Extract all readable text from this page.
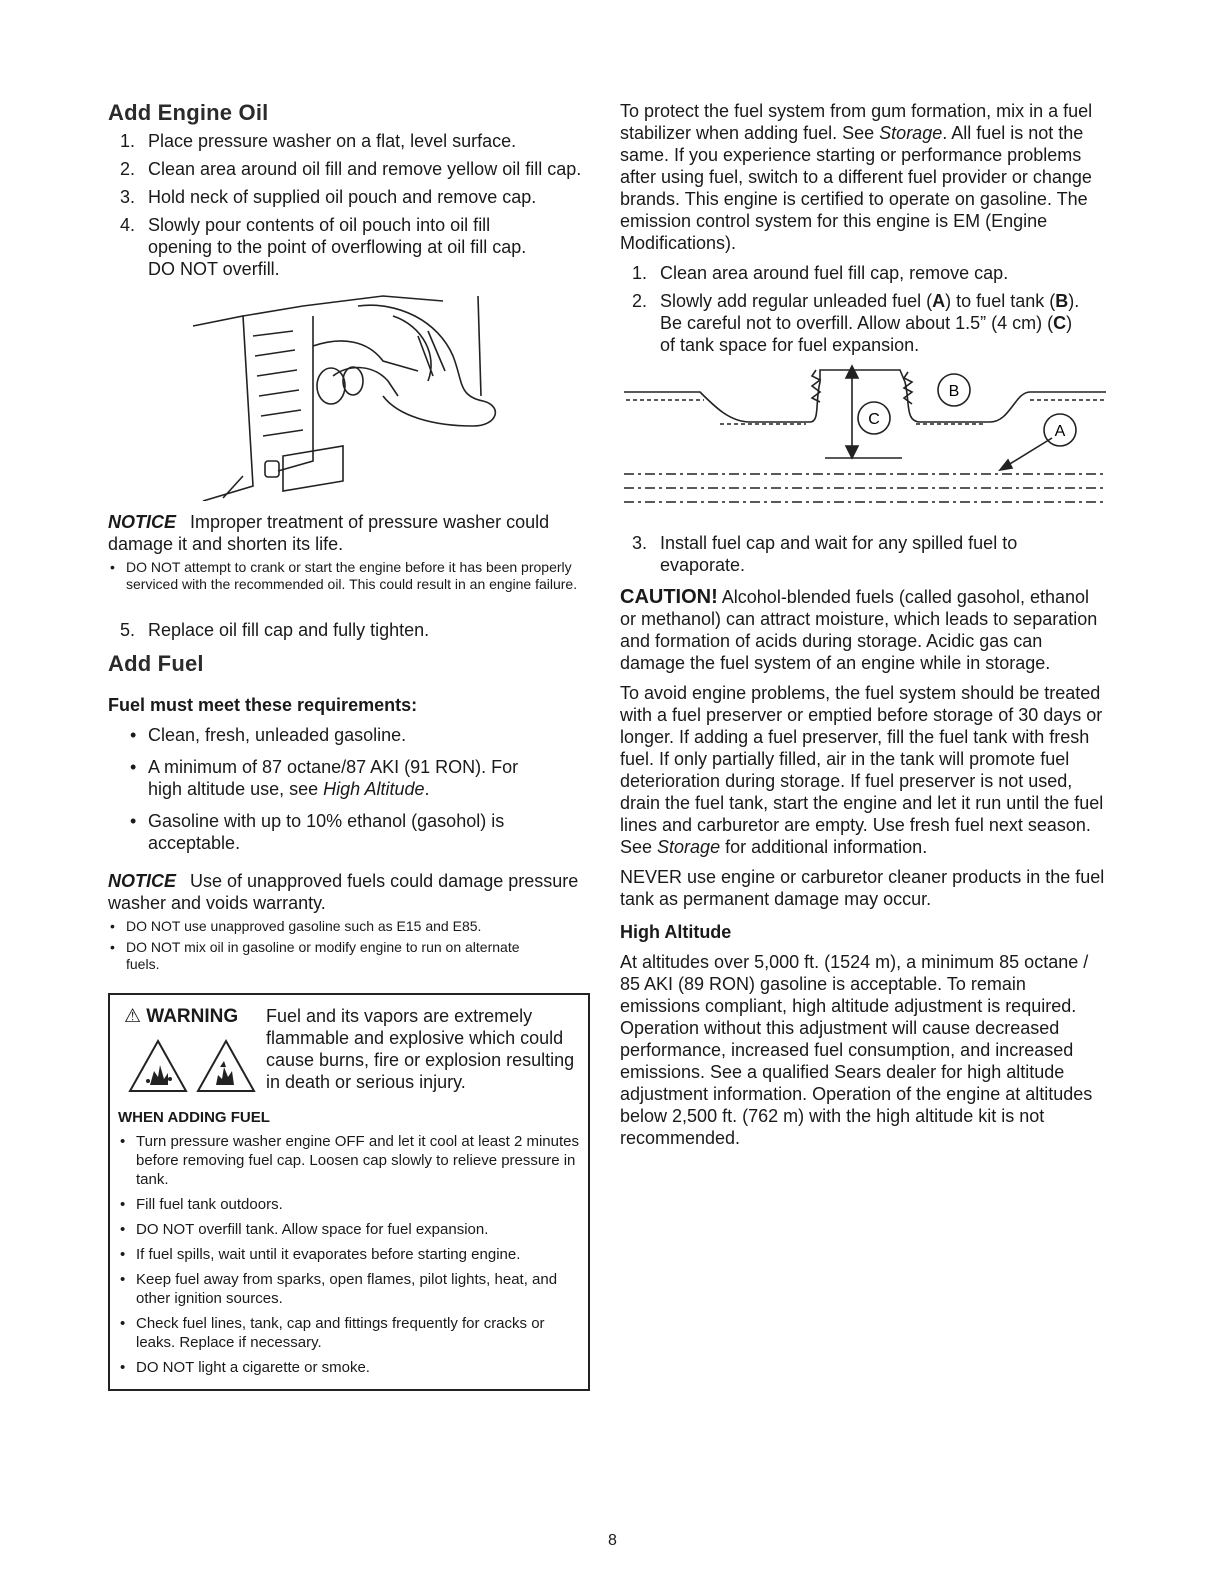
Add Engine Oil
1. Place pressure washer on a flat, level surface.
2. Clean area around oil fill and remove yellow oil fill cap.
3. Hold neck of supplied oil pouch and remove cap.
4. Slowly pour contents of oil pouch into oil fill opening to the point of overflowing at oil fill cap. DO NOT overfill.
NOTICE Improper treatment of pressure washer could damage it and shorten its life.
• DO NOT attempt to crank or start the engine before it has been properly serviced with the recommended oil. This could result in an engine failure.
5. Replace oil fill cap and fully tighten.
Add Fuel
Fuel must meet these requirements:
• Clean, fresh, unleaded gasoline.
• A minimum of 87 octane/87 AKI (91 RON). For high altitude use, see High Altitude.
• Gasoline with up to 10% ethanol (gasohol) is acceptable.
NOTICE Use of unapproved fuels could damage pressure washer and voids warranty.
• DO NOT use unapproved gasoline such as E15 and E85.
• DO NOT mix oil in gasoline or modify engine to run on alternate fuels.
⚠ WARNING Fuel and its vapors are extremely flammable and explosive which could cause burns, fire or explosion resulting in death or serious injury.
WHEN ADDING FUEL
• Turn pressure washer engine OFF and let it cool at least 2 minutes before removing fuel cap. Loosen cap slowly to relieve pressure in tank.
• Fill fuel tank outdoors.
• DO NOT overfill tank. Allow space for fuel expansion.
• If fuel spills, wait until it evaporates before starting engine.
• Keep fuel away from sparks, open flames, pilot lights, heat, and other ignition sources.
• Check fuel lines, tank, cap and fittings frequently for cracks or leaks. Replace if necessary.
• DO NOT light a cigarette or smoke.

To protect the fuel system from gum formation, mix in a fuel stabilizer when adding fuel. See Storage. All fuel is not the same. If you experience starting or performance problems after using fuel, switch to a different fuel provider or change brands. This engine is certified to operate on gasoline. The emission control system for this engine is EM (Engine Modifications).

1. Clean area around fuel fill cap, remove cap.
2. Slowly add regular unleaded fuel (A) to fuel tank (B). Be careful not to overfill. Allow about 1.5” (4 cm) (C) of tank space for fuel expansion.
C
B
A
3. Install fuel cap and wait for any spilled fuel to evaporate.

CAUTION! Alcohol-blended fuels (called gasohol, ethanol or methanol) can attract moisture, which leads to separation and formation of acids during storage. Acidic gas can damage the fuel system of an engine while in storage.

To avoid engine problems, the fuel system should be treated with a fuel preserver or emptied before storage of 30 days or longer. If adding a fuel preserver, fill the fuel tank with fresh fuel. If only partially filled, air in the tank will promote fuel deterioration during storage. If fuel preserver is not used, drain the fuel tank, start the engine and let it run until the fuel lines and carburetor are empty. Use fresh fuel next season. See Storage for additional information.

NEVER use engine or carburetor cleaner products in the fuel tank as permanent damage may occur.

High Altitude

At altitudes over 5,000 ft. (1524 m), a minimum 85 octane / 85 AKI (89 RON) gasoline is acceptable. To remain emissions compliant, high altitude adjustment is required. Operation without this adjustment will cause decreased performance, increased fuel consumption, and increased emissions. See a qualified Sears dealer for high altitude adjustment information. Operation of the engine at altitudes below 2,500 ft. (762 m) with the high altitude kit is not recommended.

8
